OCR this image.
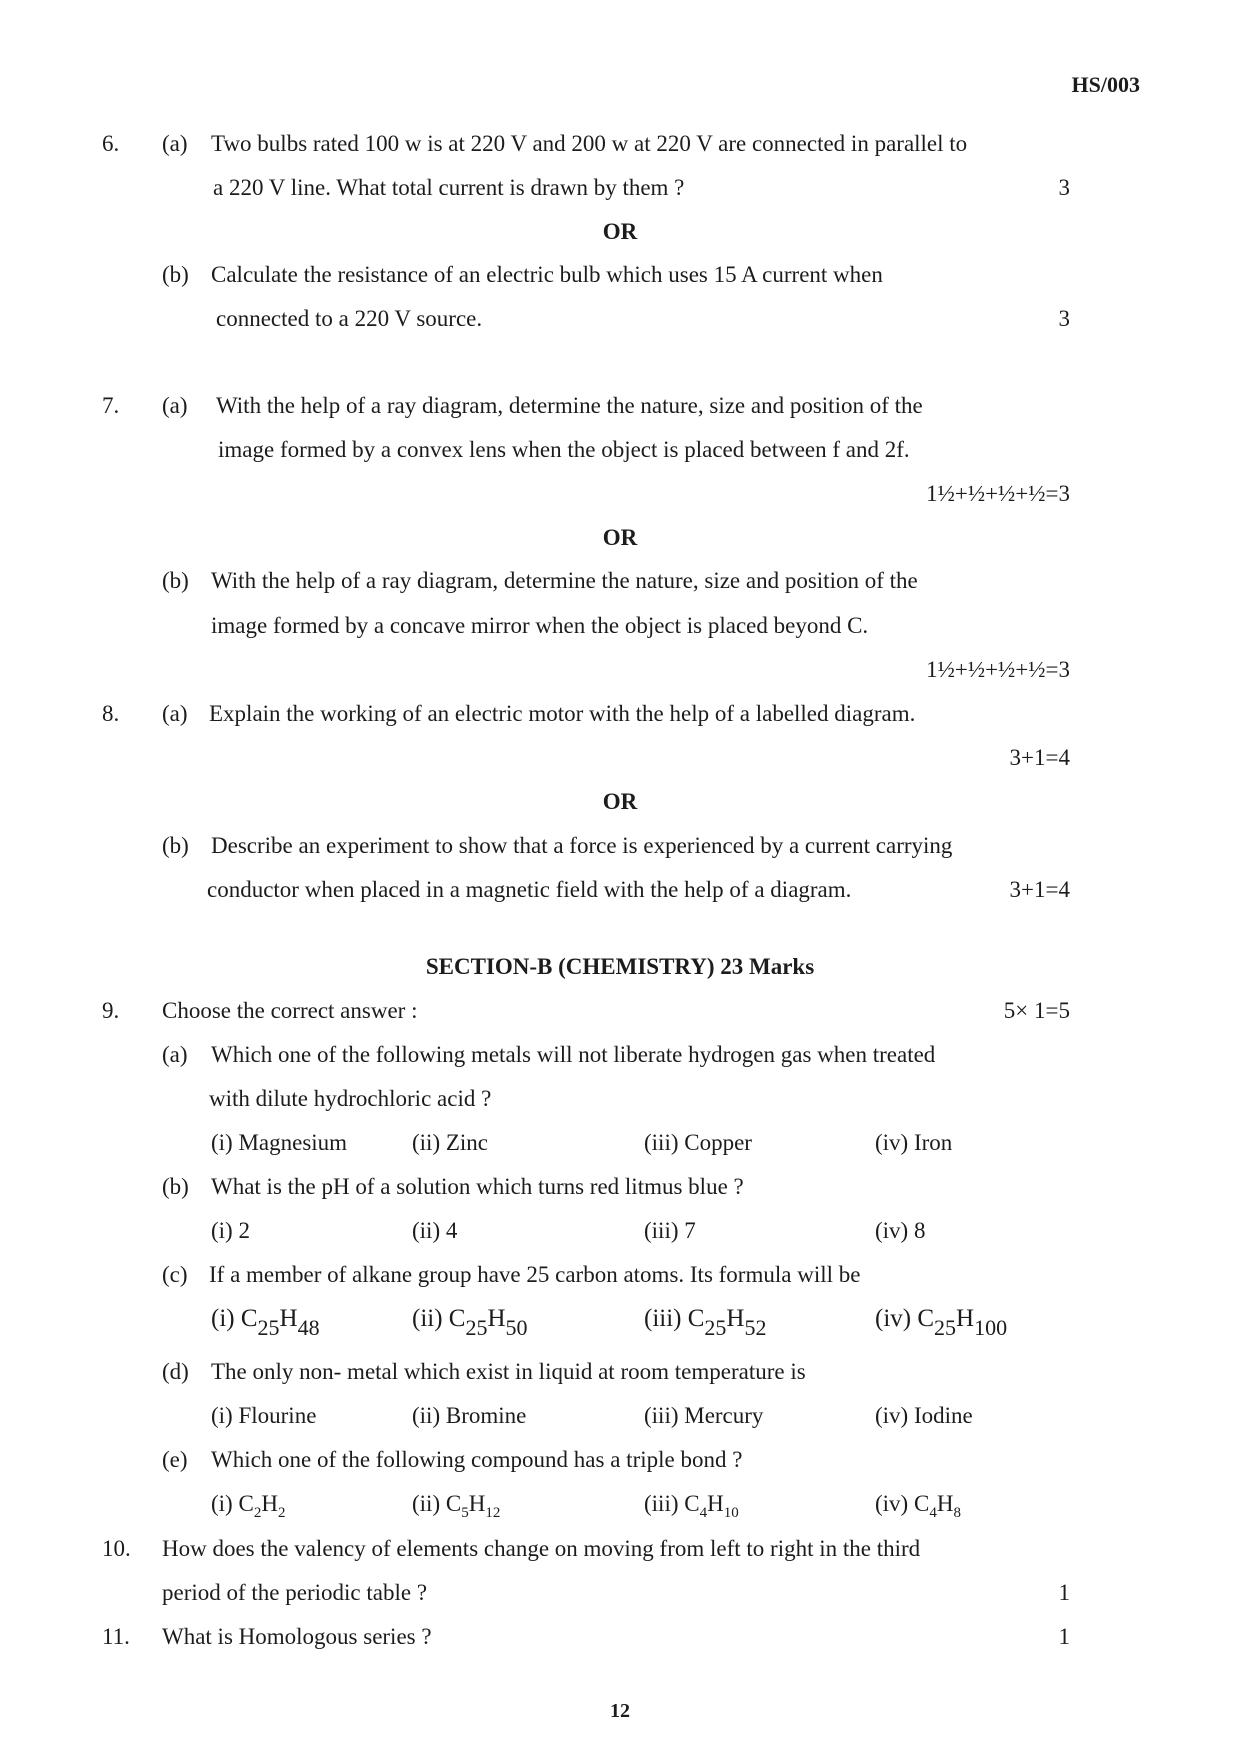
HS/003
6. (a) Two bulbs rated 100 w is at 220 V and 200 w at 220 V are connected in parallel to
a 220 V line. What total current is drawn by them ?	3
OR
(b) Calculate the resistance of an electric bulb which uses 15 A current when
connected to a 220 V source.	3
7. (a) With the help of a ray diagram, determine the nature, size and position of the
image formed by a convex lens when the object is placed between f and 2f.
1½+½+½+½=3
OR
(b) With the help of a ray diagram, determine the nature, size and position of the
image formed by a concave mirror when the object is placed beyond C.
1½+½+½+½=3
8. (a) Explain the working of an electric motor with the help of a labelled diagram.
3+1=4
OR
(b) Describe an experiment to show that a force is experienced by a current carrying
conductor when placed in a magnetic field with the help of a diagram.	3+1=4
SECTION-B (CHEMISTRY) 23 Marks
9. Choose the correct answer :	5× 1=5
(a) Which one of the following metals will not liberate hydrogen gas when treated
with dilute hydrochloric acid ?
(i) Magnesium	(ii) Zinc	(iii) Copper	(iv) Iron
(b) What is the pH of a solution which turns red litmus blue ?
(i) 2	(ii) 4	(iii) 7	(iv) 8
(c) If a member of alkane group have 25 carbon atoms. Its formula will be
(i) $C_{25}H_{48}$	(ii) $C_{25}H_{50}$	(iii) $C_{25}H_{52}$	(iv) $C_{25}H_{100}$
(d) The only non- metal which exist in liquid at room temperature is
(i) Flourine	(ii) Bromine	(iii) Mercury	(iv) Iodine
(e) Which one of the following compound has a triple bond ?
(i) $C_2H_2$	(ii) $C_5H_{12}$	(iii) $C_4H_{10}$	(iv) $C_4H_8$
10. How does the valency of elements change on moving from left to right in the third
period of the periodic table ?	1
11. What is Homologous series ?	1
12
